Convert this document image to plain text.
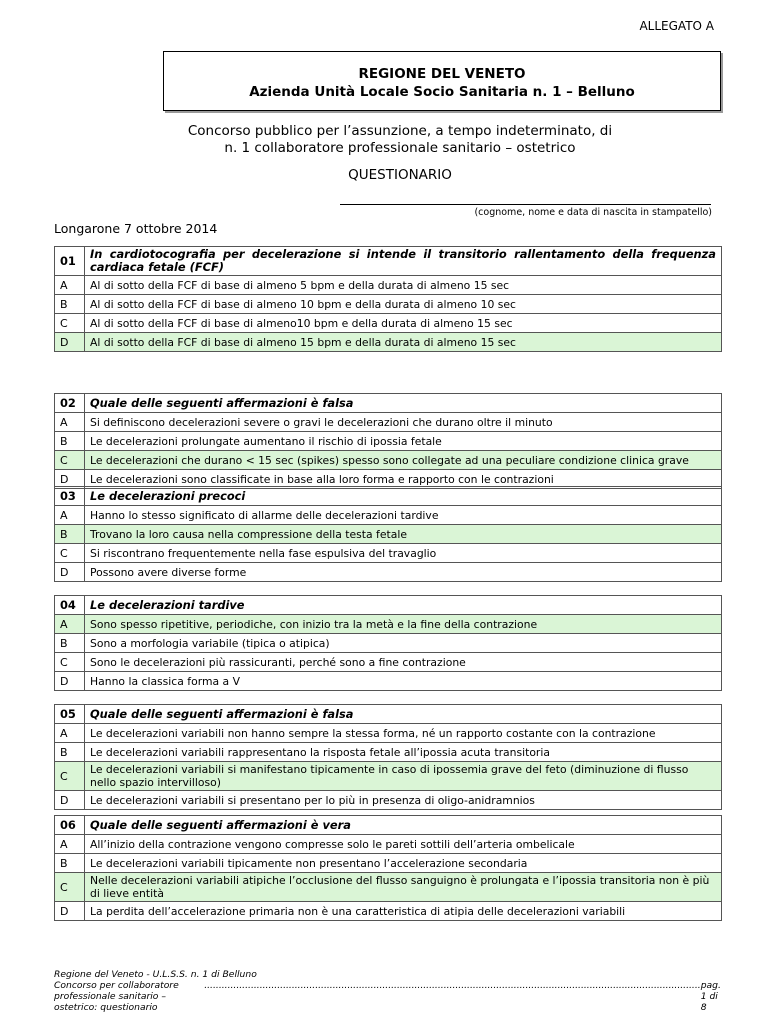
ALLEGATO A
REGIONE DEL VENETO
Azienda Unità Locale Socio Sanitaria n. 1 – Belluno
Concorso pubblico per l’assunzione, a tempo indeterminato, di
n. 1 collaboratore professionale sanitario – ostetrico
QUESTIONARIO
(cognome, nome e data di nascita in stampatello)
Longarone 7 ottobre 2014
01	In cardiotocografia per decelerazione si intende il transitorio rallentamento della frequenza cardiaca fetale (FCF)
A	Al di sotto della FCF di base di almeno 5 bpm e della durata di almeno 15 sec
B	Al di sotto della FCF di base di almeno 10 bpm e della durata di almeno 10 sec
C	Al di sotto della FCF di base di almeno10 bpm e della durata di almeno 15 sec
D	Al di sotto della FCF di base di almeno 15 bpm e della durata di almeno 15 sec
02	Quale delle seguenti affermazioni è falsa
A	Si definiscono decelerazioni severe o gravi le decelerazioni che durano oltre il minuto
B	Le decelerazioni prolungate aumentano il rischio di ipossia fetale
C	Le decelerazioni che durano < 15 sec (spikes) spesso sono collegate ad una peculiare condizione clinica grave
D	Le decelerazioni sono classificate in base alla loro forma e rapporto con le contrazioni
03	Le decelerazioni precoci
A	Hanno lo stesso significato di allarme delle decelerazioni tardive
B	Trovano la loro causa nella compressione della testa fetale
C	Si riscontrano frequentemente nella fase espulsiva del travaglio
D	Possono avere diverse forme
04	Le decelerazioni tardive
A	Sono spesso ripetitive, periodiche, con inizio tra la metà e la fine della contrazione
B	Sono a morfologia variabile (tipica o atipica)
C	Sono le decelerazioni più rassicuranti, perché sono a fine contrazione
D	Hanno la classica forma a V
05	Quale delle seguenti affermazioni è falsa
A	Le decelerazioni variabili non hanno sempre la stessa forma, né un rapporto costante con la contrazione
B	Le decelerazioni variabili rappresentano la risposta fetale all’ipossia acuta transitoria
C	Le decelerazioni variabili si manifestano tipicamente in caso di ipossemia grave del feto (diminuzione di flusso nello spazio intervilloso)
D	Le decelerazioni variabili si presentano per lo più in presenza di oligo-anidramnios
06	Quale delle seguenti affermazioni è vera
A	All’inizio della contrazione vengono compresse solo le pareti sottili dell’arteria ombelicale
B	Le decelerazioni variabili tipicamente non presentano l’accelerazione secondaria
C	Nelle decelerazioni variabili atipiche l’occlusione del flusso sanguigno è prolungata e l’ipossia transitoria non è più di lieve entità
D	La perdita dell’accelerazione primaria non è una caratteristica di atipia delle decelerazioni variabili
Regione del Veneto - U.L.S.S. n. 1 di Belluno
Concorso per collaboratore professionale sanitario – ostetrico: questionario
.......................................................................................................................................................................... pag. 1 di 8
